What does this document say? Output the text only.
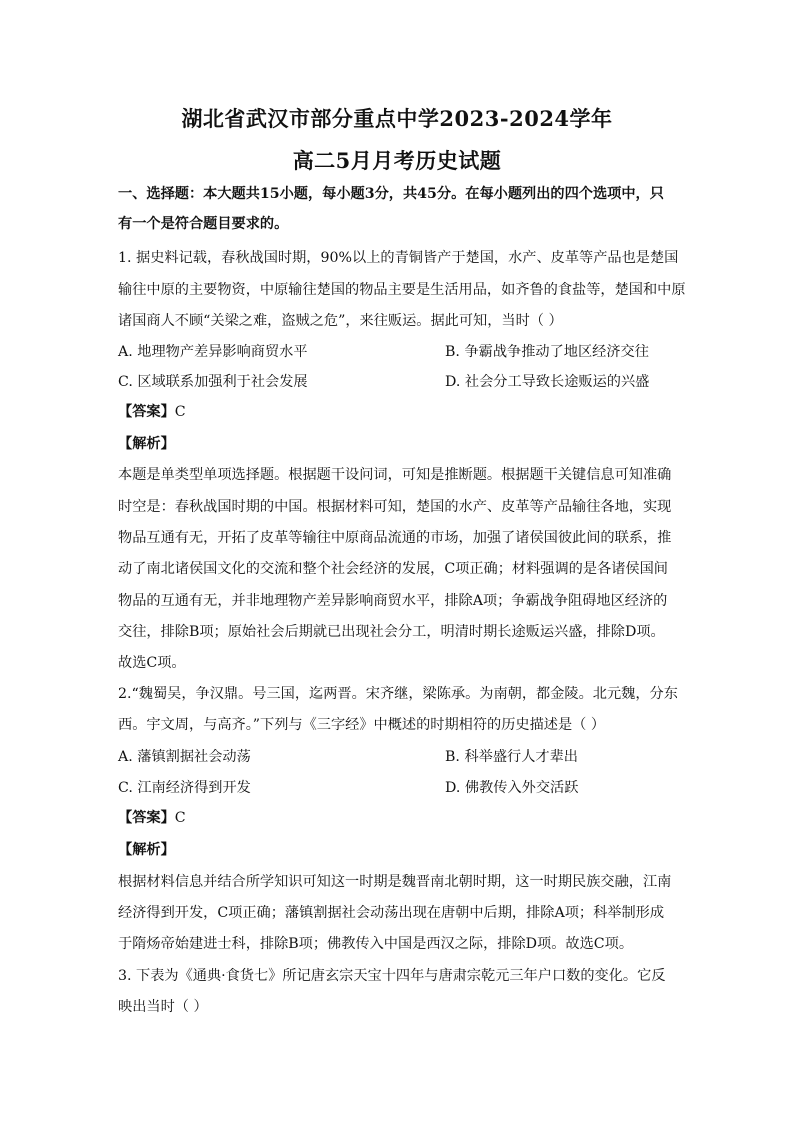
湖北省武汉市部分重点中学2023-2024学年
高二5月月考历史试题
一、选择题：本大题共15小题，每小题3分，共45分。在每小题列出的四个选项中，只
有一个是符合题目要求的。
1. 据史料记载，春秋战国时期，90%以上的青铜皆产于楚国，水产、皮革等产品也是楚国
输往中原的主要物资，中原输往楚国的物品主要是生活用品，如齐鲁的食盐等，楚国和中原
诸国商人不顾“关梁之难，盗贼之危”，来往贩运。据此可知，当时（ ）
A. 地理物产差异影响商贸水平	B. 争霸战争推动了地区经济交往
C. 区域联系加强利于社会发展	D. 社会分工导致长途贩运的兴盛
【答案】C
【解析】
本题是单类型单项选择题。根据题干设问词，可知是推断题。根据题干关键信息可知准确
时空是：春秋战国时期的中国。根据材料可知，楚国的水产、皮革等产品输往各地，实现
物品互通有无，开拓了皮革等输往中原商品流通的市场，加强了诸侯国彼此间的联系，推
动了南北诸侯国文化的交流和整个社会经济的发展，C项正确；材料强调的是各诸侯国间
物品的互通有无，并非地理物产差异影响商贸水平，排除A项；争霸战争阻碍地区经济的
交往，排除B项；原始社会后期就已出现社会分工，明清时期长途贩运兴盛，排除D项。
故选C项。
2.“魏蜀吴，争汉鼎。号三国，迄两晋。宋齐继，梁陈承。为南朝，都金陵。北元魏，分东
西。宇文周，与高齐。”下列与《三字经》中概述的时期相符的历史描述是（ ）
A. 藩镇割据社会动荡	B. 科举盛行人才辈出
C. 江南经济得到开发	D. 佛教传入外交活跃
【答案】C
【解析】
根据材料信息并结合所学知识可知这一时期是魏晋南北朝时期，这一时期民族交融，江南
经济得到开发，C项正确；藩镇割据社会动荡出现在唐朝中后期，排除A项；科举制形成
于隋炀帝始建进士科，排除B项；佛教传入中国是西汉之际，排除D项。故选C项。
3. 下表为《通典·食货七》所记唐玄宗天宝十四年与唐肃宗乾元三年户口数的变化。它反
映出当时（ ）
